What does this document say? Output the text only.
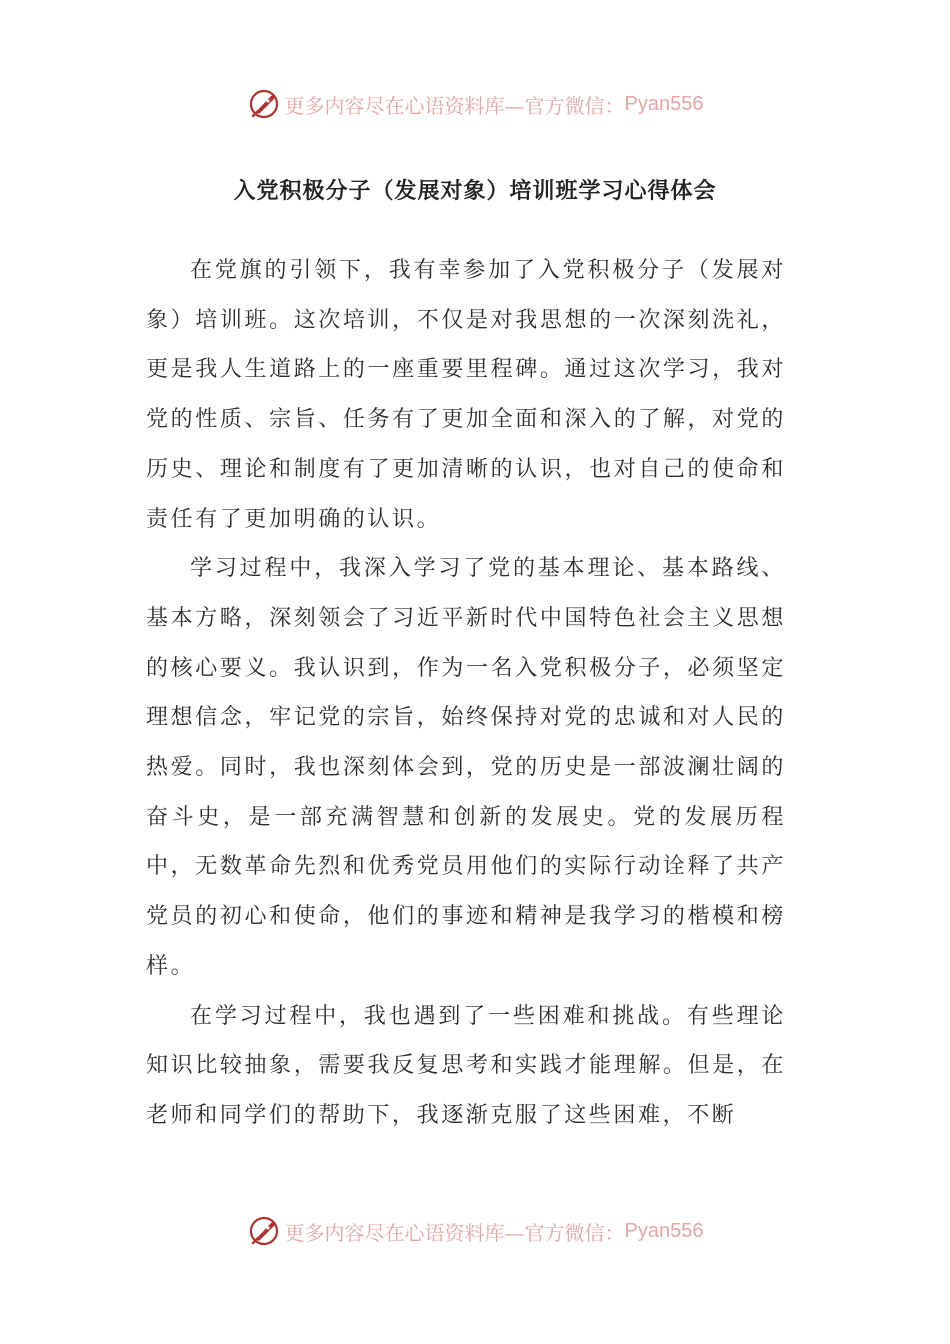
更多内容尽在心语资料库— 官方微信： Pyan556
入党积极分子（发展对象）培训班学习心得体会

在党旗的引领下，我有幸参加了入党积极分子（发展对象）培训班。这次培训，不仅是对我思想的一次深刻洗礼，更是我人生道路上的一座重要里程碑。通过这次学习，我对党的性质、宗旨、任务有了更加全面和深入的了解，对党的历史、理论和制度有了更加清晰的认识，也对自己的使命和责任有了更加明确的认识。

学习过程中，我深入学习了党的基本理论、基本路线、基本方略，深刻领会了习近平新时代中国特色社会主义思想的核心要义。我认识到，作为一名入党积极分子，必须坚定理想信念，牢记党的宗旨，始终保持对党的忠诚和对人民的热爱。同时，我也深刻体会到，党的历史是一部波澜壮阔的奋斗史，是一部充满智慧和创新的发展史。党的发展历程中，无数革命先烈和优秀党员用他们的实际行动诠释了共产党员的初心和使命，他们的事迹和精神是我学习的楷模和榜样。

在学习过程中，我也遇到了一些困难和挑战。有些理论知识比较抽象，需要我反复思考和实践才能理解。但是，在老师和同学们的帮助下，我逐渐克服了这些困难，不断

更多内容尽在心语资料库— 官方微信： Pyan556
